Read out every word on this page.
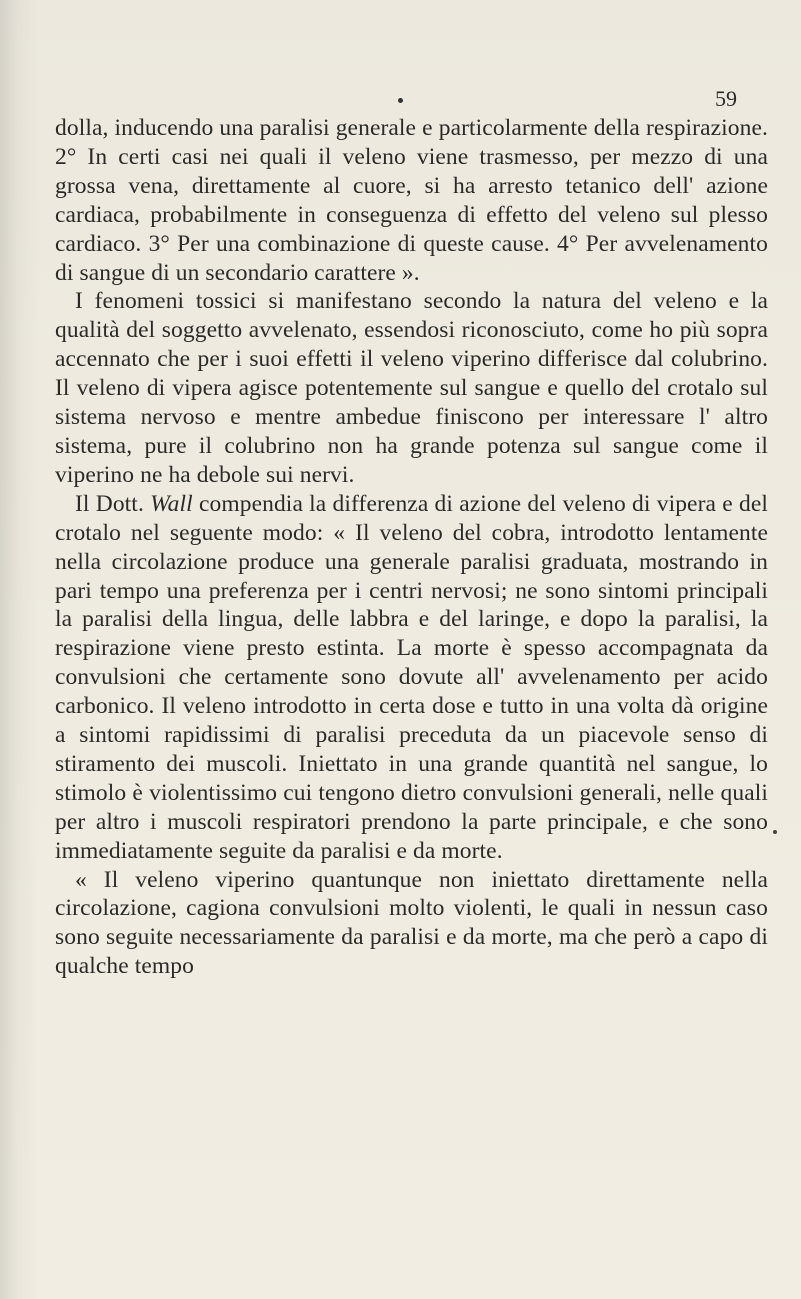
59

dolla, inducendo una paralisi generale e particolarmente della respirazione. 2° In certi casi nei quali il veleno viene trasmesso, per mezzo di una grossa vena, direttamente al cuore, si ha arresto tetanico dell' azione cardiaca, probabilmente in conseguenza di effetto del veleno sul plesso cardiaco. 3° Per una combinazione di queste cause. 4° Per avvelenamento di sangue di un secondario carattere ».

I fenomeni tossici si manifestano secondo la natura del veleno e la qualità del soggetto avvelenato, essendosi riconosciuto, come ho più sopra accennato che per i suoi effetti il veleno viperino differisce dal colubrino. Il veleno di vipera agisce potentemente sul sangue e quello del crotalo sul sistema nervoso e mentre ambedue finiscono per interessare l' altro sistema, pure il colubrino non ha grande potenza sul sangue come il viperino ne ha debole sui nervi.

Il Dott. Wall compendia la differenza di azione del veleno di vipera e del crotalo nel seguente modo: « Il veleno del cobra, introdotto lentamente nella circolazione produce una generale paralisi graduata, mostrando in pari tempo una preferenza per i centri nervosi; ne sono sintomi principali la paralisi della lingua, delle labbra e del laringe, e dopo la paralisi, la respirazione viene presto estinta. La morte è spesso accompagnata da convulsioni che certamente sono dovute all' avvelenamento per acido carbonico. Il veleno introdotto in certa dose e tutto in una volta dà origine a sintomi rapidissimi di paralisi preceduta da un piacevole senso di stiramento dei muscoli. Iniettato in una grande quantità nel sangue, lo stimolo è violentissimo cui tengono dietro convulsioni generali, nelle quali per altro i muscoli respiratori prendono la parte principale, e che sono immediatamente seguite da paralisi e da morte.

« Il veleno viperino quantunque non iniettato direttamente nella circolazione, cagiona convulsioni molto violenti, le quali in nessun caso sono seguite necessariamente da paralisi e da morte, ma che però a capo di qualche tempo
